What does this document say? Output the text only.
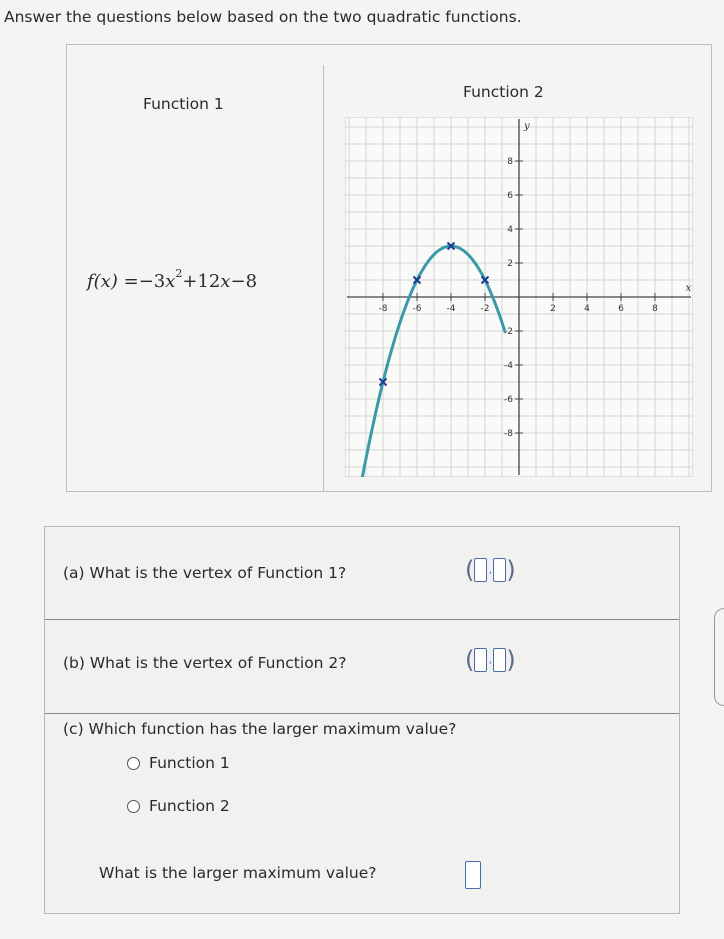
Answer the questions below based on the two quadratic functions.
Function 1
Function 2
$f(x) =-3x^2+12x-8$
-8	-6	-4	-2	2	4	6	8
8
6
4
2
-2
-4
-6
-8
x
y
(a) What is the vertex of Function 1?	( , )
(b) What is the vertex of Function 2?	( , )
(c) Which function has the larger maximum value?
Function 1
Function 2
What is the larger maximum value?
